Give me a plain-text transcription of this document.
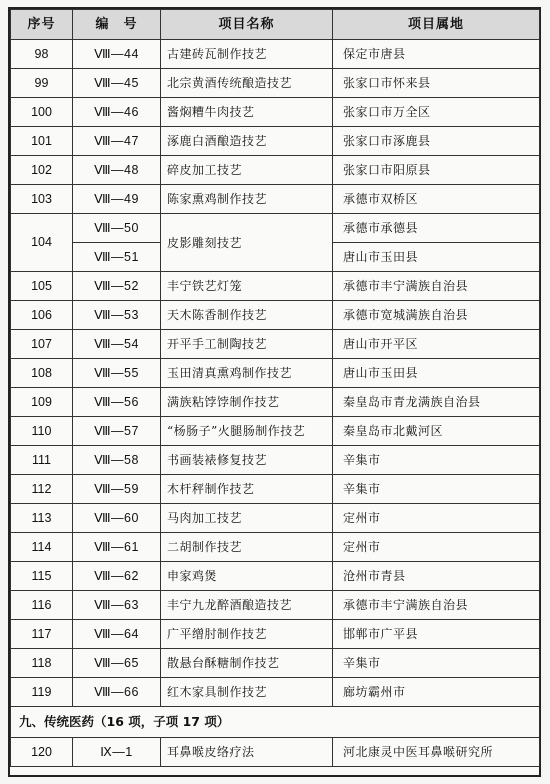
序号	编　号	项目名称	项目属地
98	Ⅷ—44	古建砖瓦制作技艺	保定市唐县
99	Ⅷ—45	北宗黄酒传统酿造技艺	张家口市怀来县
100	Ⅷ—46	酱焖糟牛肉技艺	张家口市万全区
101	Ⅷ—47	涿鹿白酒酿造技艺	张家口市涿鹿县
102	Ⅷ—48	碎皮加工技艺	张家口市阳原县
103	Ⅷ—49	陈家熏鸡制作技艺	承德市双桥区
104	Ⅷ—50	皮影雕刻技艺	承德市承德县
	Ⅷ—51		唐山市玉田县
105	Ⅷ—52	丰宁铁艺灯笼	承德市丰宁满族自治县
106	Ⅷ—53	天木陈香制作技艺	承德市宽城满族自治县
107	Ⅷ—54	开平手工制陶技艺	唐山市开平区
108	Ⅷ—55	玉田清真熏鸡制作技艺	唐山市玉田县
109	Ⅷ—56	满族粘饽饽制作技艺	秦皇岛市青龙满族自治县
110	Ⅷ—57	“杨肠子”火腿肠制作技艺	秦皇岛市北戴河区
111	Ⅷ—58	书画装裱修复技艺	辛集市
112	Ⅷ—59	木杆秤制作技艺	辛集市
113	Ⅷ—60	马肉加工技艺	定州市
114	Ⅷ—61	二胡制作技艺	定州市
115	Ⅷ—62	申家鸡煲	沧州市青县
116	Ⅷ—63	丰宁九龙醉酒酿造技艺	承德市丰宁满族自治县
117	Ⅷ—64	广平缯肘制作技艺	邯郸市广平县
118	Ⅷ—65	散悬台酥糖制作技艺	辛集市
119	Ⅷ—66	红木家具制作技艺	廊坊霸州市
九、传统医药（16 项，子项 17 项）			
120	Ⅸ—1	耳鼻喉皮络疗法	河北康灵中医耳鼻喉研究所
